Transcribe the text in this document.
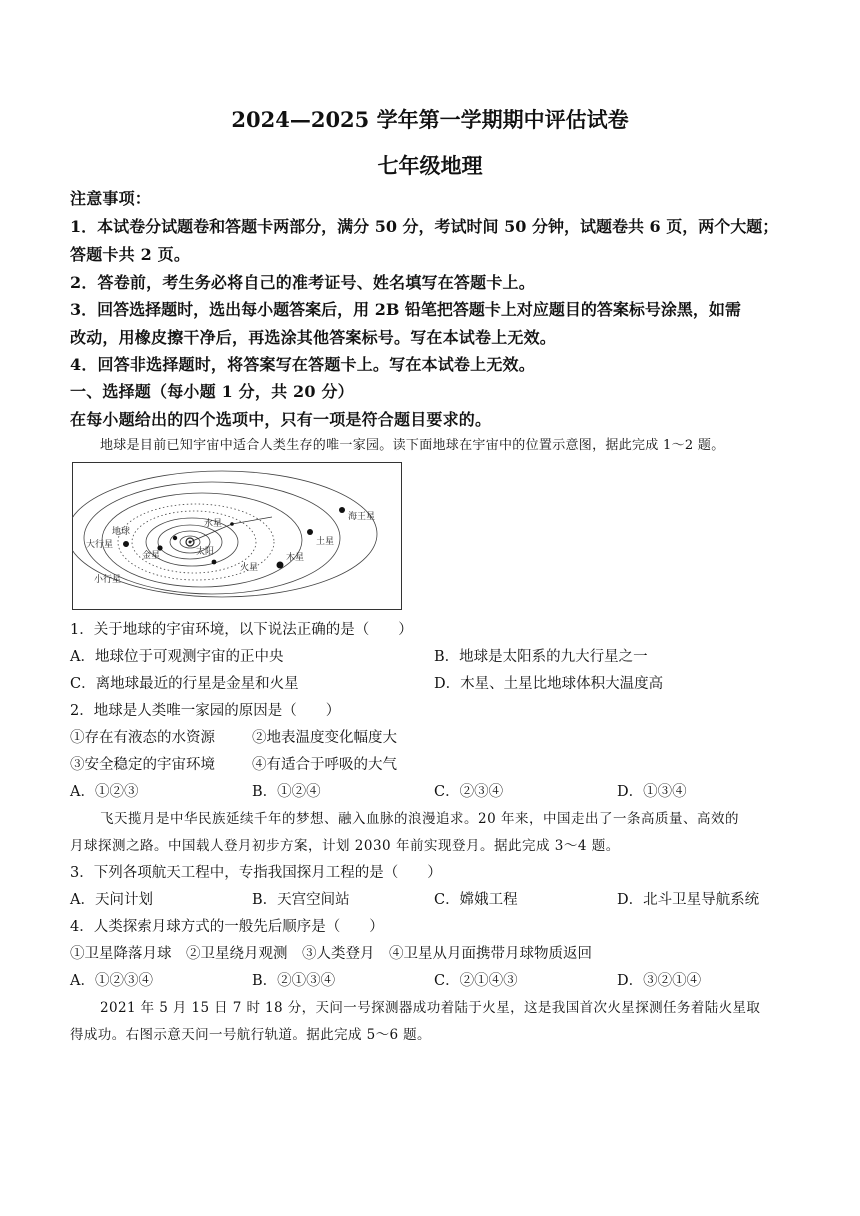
2024—2025 学年第一学期期中评估试卷
七年级地理
注意事项：
1．本试卷分试题卷和答题卡两部分，满分 50 分，考试时间 50 分钟，试题卷共 6 页，两个大题；
答题卡共 2 页。
2．答卷前，考生务必将自己的准考证号、姓名填写在答题卡上。
3．回答选择题时，选出每小题答案后，用 2B 铅笔把答题卡上对应题目的答案标号涂黑，如需
改动，用橡皮擦干净后，再选涂其他答案标号。写在本试卷上无效。
4．回答非选择题时，将答案写在答题卡上。写在本试卷上无效。
一、选择题（每小题 1 分，共 20 分）
在每小题给出的四个选项中，只有一项是符合题目要求的。
地球是目前已知宇宙中适合人类生存的唯一家园。读下面地球在宇宙中的位置示意图，据此完成 1～2 题。
大行星
地球
金星
水星
太阳
火星
木星
土星
海王星
小行星
1．关于地球的宇宙环境，以下说法正确的是（　　）
A．地球位于可观测宇宙的正中央	B．地球是太阳系的九大行星之一
C．离地球最近的行星是金星和火星	D．木星、土星比地球体积大温度高
2．地球是人类唯一家园的原因是（　　）
①存在有液态的水资源	②地表温度变化幅度大
③安全稳定的宇宙环境	④有适合于呼吸的大气
A．①②③	B．①②④	C．②③④	D．①③④
飞天揽月是中华民族延续千年的梦想、融入血脉的浪漫追求。20 年来，中国走出了一条高质量、高效的
月球探测之路。中国载人登月初步方案，计划 2030 年前实现登月。据此完成 3～4 题。
3．下列各项航天工程中，专指我国探月工程的是（　　）
A．天问计划	B．天宫空间站	C．嫦娥工程	D．北斗卫星导航系统
4．人类探索月球方式的一般先后顺序是（　　）
①卫星降落月球　②卫星绕月观测　③人类登月　④卫星从月面携带月球物质返回
A．①②③④	B．②①③④	C．②①④③	D．③②①④
2021 年 5 月 15 日 7 时 18 分，天问一号探测器成功着陆于火星，这是我国首次火星探测任务着陆火星取
得成功。右图示意天问一号航行轨道。据此完成 5～6 题。
